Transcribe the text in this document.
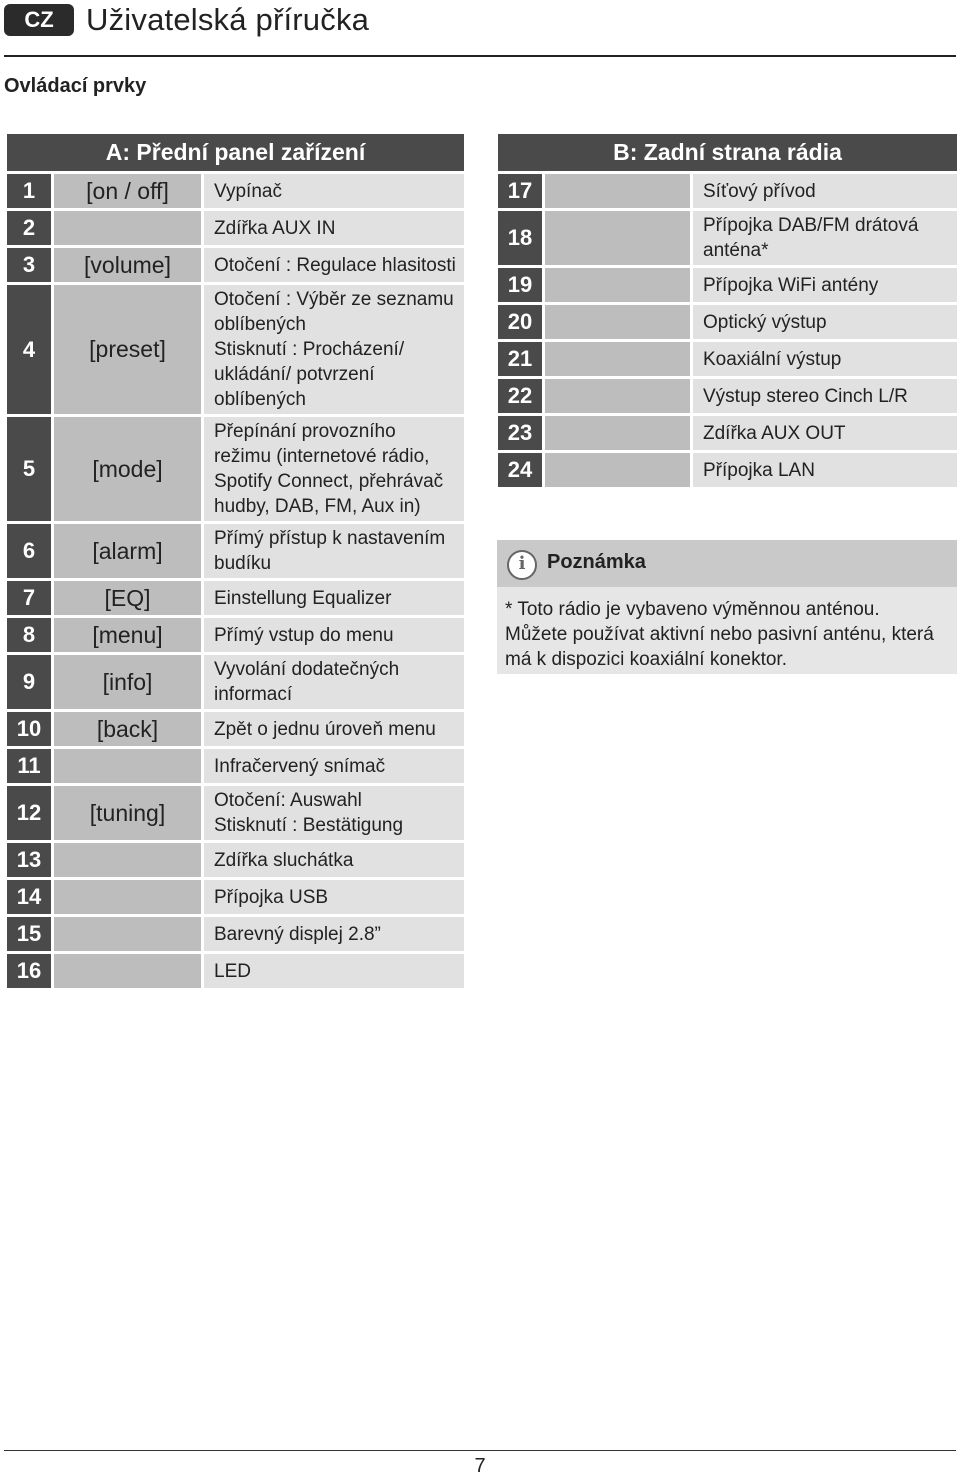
CZ	Uživatelská příručka
Ovládací prvky
A: Přední panel zařízení		
1	[on / off]	Vypínač
2		Zdířka AUX IN
3	[volume]	Otočení : Regulace hlasitosti
4	[preset]	Otočení : Výběr ze seznamu oblíbených
Stisknutí : Procházení/ ukládání/ potvrzení oblíbených
5	[mode]	Přepínání provozního režimu (internetové rádio, Spotify Connect, přehrávač hudby, DAB, FM, Aux in)
6	[alarm]	Přímý přístup k nastavením budíku
7	[EQ]	Einstellung Equalizer
8	[menu]	Přímý vstup do menu
9	[info]	Vyvolání dodatečných informací
10	[back]	Zpět o jednu úroveň menu
11		Infračervený snímač
12	[tuning]	Otočení: Auswahl
Stisknutí : Bestätigung
13		Zdířka sluchátka
14		Přípojka USB
15		Barevný displej 2.8”
16		LED
B: Zadní strana rádia		
17		Síťový přívod
18		Přípojka DAB/FM drátová anténa*
19		Přípojka WiFi antény
20		Optický výstup
21		Koaxiální výstup
22		Výstup stereo Cinch L/R
23		Zdířka AUX OUT
24		Přípojka LAN
i	Poznámka
* Toto rádio je vybaveno výměnnou anténou.
Můžete používat aktivní nebo pasivní anténu, která má k dispozici koaxiální konektor.
7
